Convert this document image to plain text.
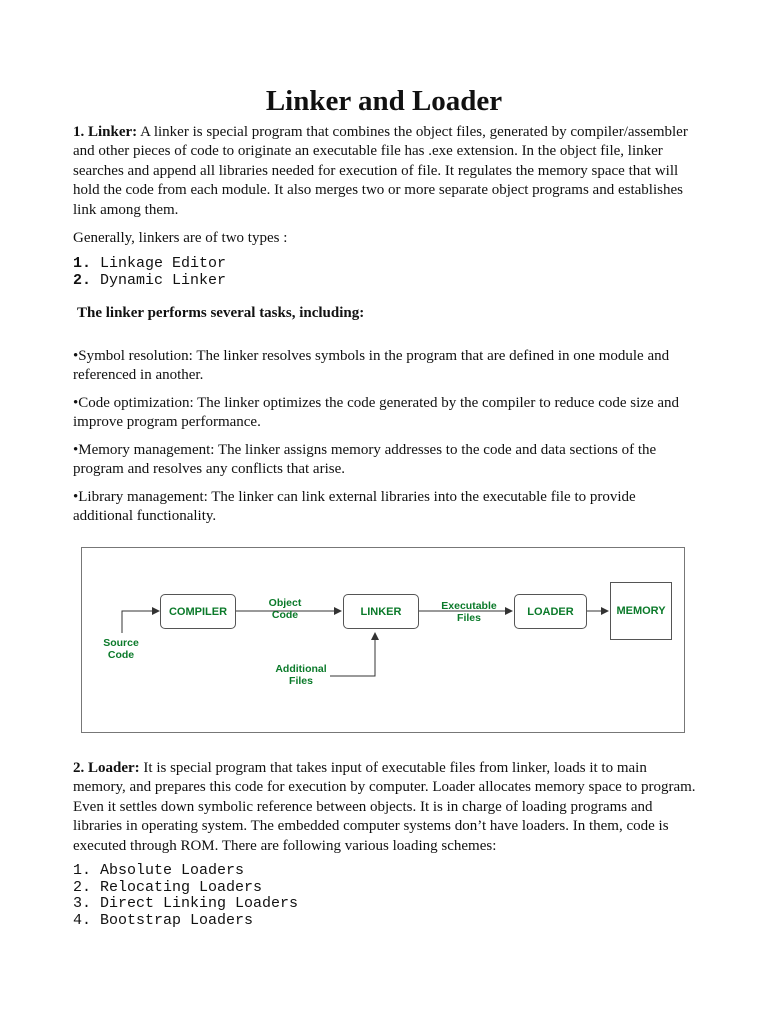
Linker and Loader

1. Linker: A linker is special program that combines the object files, generated by compiler/assembler and other pieces of code to originate an executable file has .exe extension. In the object file, linker searches and append all libraries needed for execution of file. It regulates the memory space that will hold the code from each module. It also merges two or more separate object programs and establishes link among them.

Generally, linkers are of two types :

1. Linkage Editor
2. Dynamic Linker

The linker performs several tasks, including:

•Symbol resolution: The linker resolves symbols in the program that are defined in one module and referenced in another.

•Code optimization: The linker optimizes the code generated by the compiler to reduce code size and improve program performance.

•Memory management: The linker assigns memory addresses to the code and data sections of the program and resolves any conflicts that arise.

•Library management: The linker can link external libraries into the executable file to provide additional functionality.

COMPILER	LINKER	LOADER	MEMORY
Source
Code
Object
Code
Executable
Files
Additional
Files

2. Loader: It is special program that takes input of executable files from linker, loads it to main memory, and prepares this code for execution by computer. Loader allocates memory space to program. Even it settles down symbolic reference between objects. It is in charge of loading programs and libraries in operating system. The embedded computer systems don’t have loaders. In them, code is executed through ROM. There are following various loading schemes:

1. Absolute Loaders
2. Relocating Loaders
3. Direct Linking Loaders
4. Bootstrap Loaders
